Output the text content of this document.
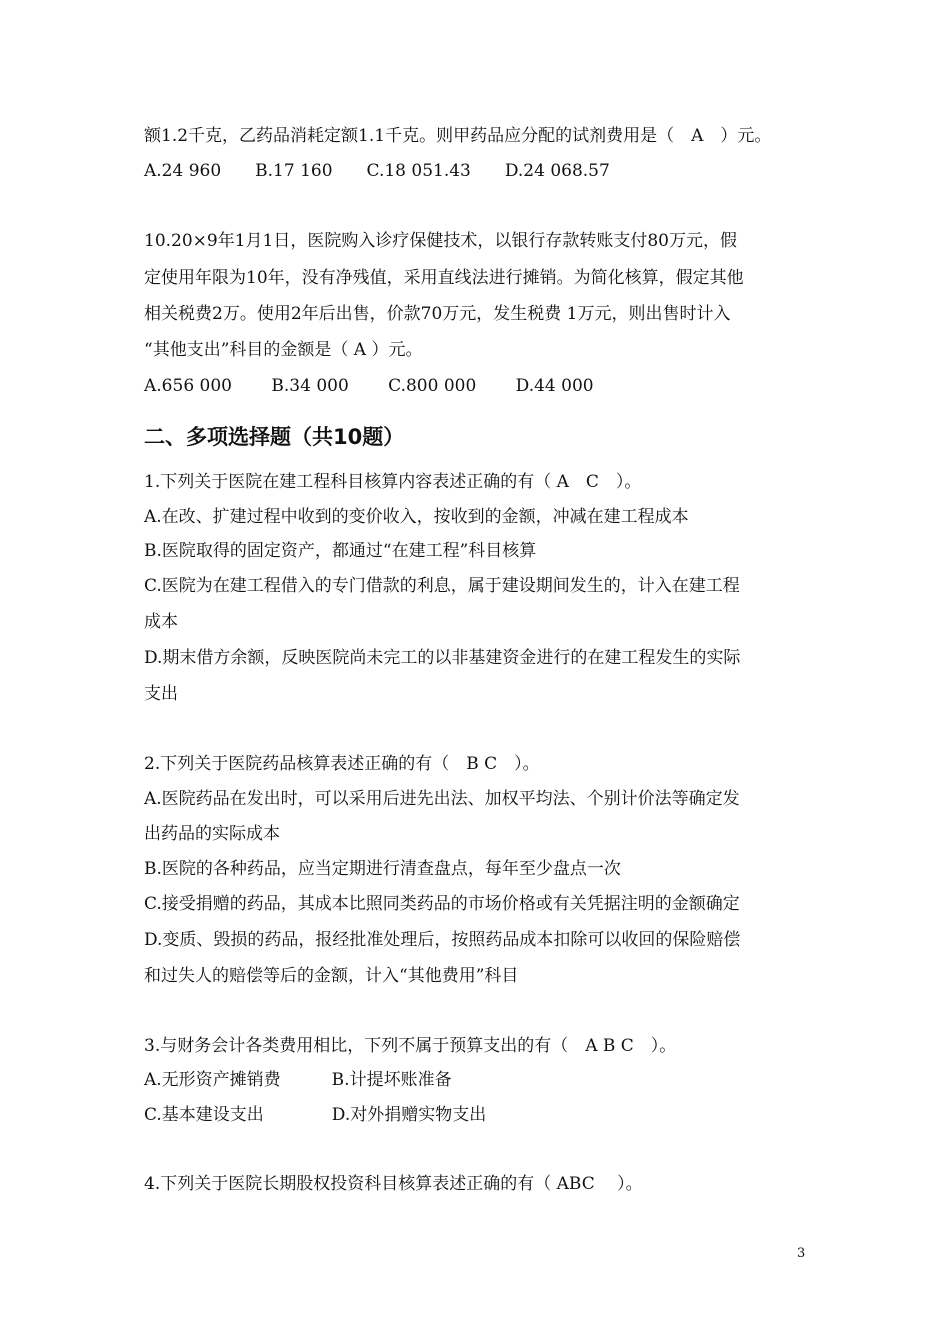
额1.2千克，乙药品消耗定额1.1千克。则甲药品应分配的试剂费用是（　A　）元。
A.24 960　　B.17 160　　C.18 051.43　　D.24 068.57
10.20×9年1月1日，医院购入诊疗保健技术，以银行存款转账支付80万元，假
定使用年限为10年，没有净残值，采用直线法进行摊销。为简化核算，假定其他
相关税费2万。使用2年后出售，价款70万元，发生税费 1万元，则出售时计入
“其他支出”科目的金额是（ A ）元。
A.656 000　　 B.34 000　　 C.800 000　　 D.44 000
二、多项选择题（共10题）
1.下列关于医院在建工程科目核算内容表述正确的有（ A　C　）。
A.在改、扩建过程中收到的变价收入，按收到的金额，冲减在建工程成本
B.医院取得的固定资产，都通过“在建工程”科目核算
C.医院为在建工程借入的专门借款的利息，属于建设期间发生的，计入在建工程
成本
D.期末借方余额，反映医院尚未完工的以非基建资金进行的在建工程发生的实际
支出
2.下列关于医院药品核算表述正确的有（　B C　）。
A.医院药品在发出时，可以采用后进先出法、加权平均法、个别计价法等确定发
出药品的实际成本
B.医院的各种药品，应当定期进行清查盘点，每年至少盘点一次
C.接受捐赠的药品，其成本比照同类药品的市场价格或有关凭据注明的金额确定
D.变质、毁损的药品，报经批准处理后，按照药品成本扣除可以收回的保险赔偿
和过失人的赔偿等后的金额，计入“其他费用”科目
3.与财务会计各类费用相比，下列不属于预算支出的有（　A B C　）。
A.无形资产摊销费　　　B.计提坏账准备
C.基本建设支出　　　　D.对外捐赠实物支出
4.下列关于医院长期股权投资科目核算表述正确的有（ ABC　 ）。
3
